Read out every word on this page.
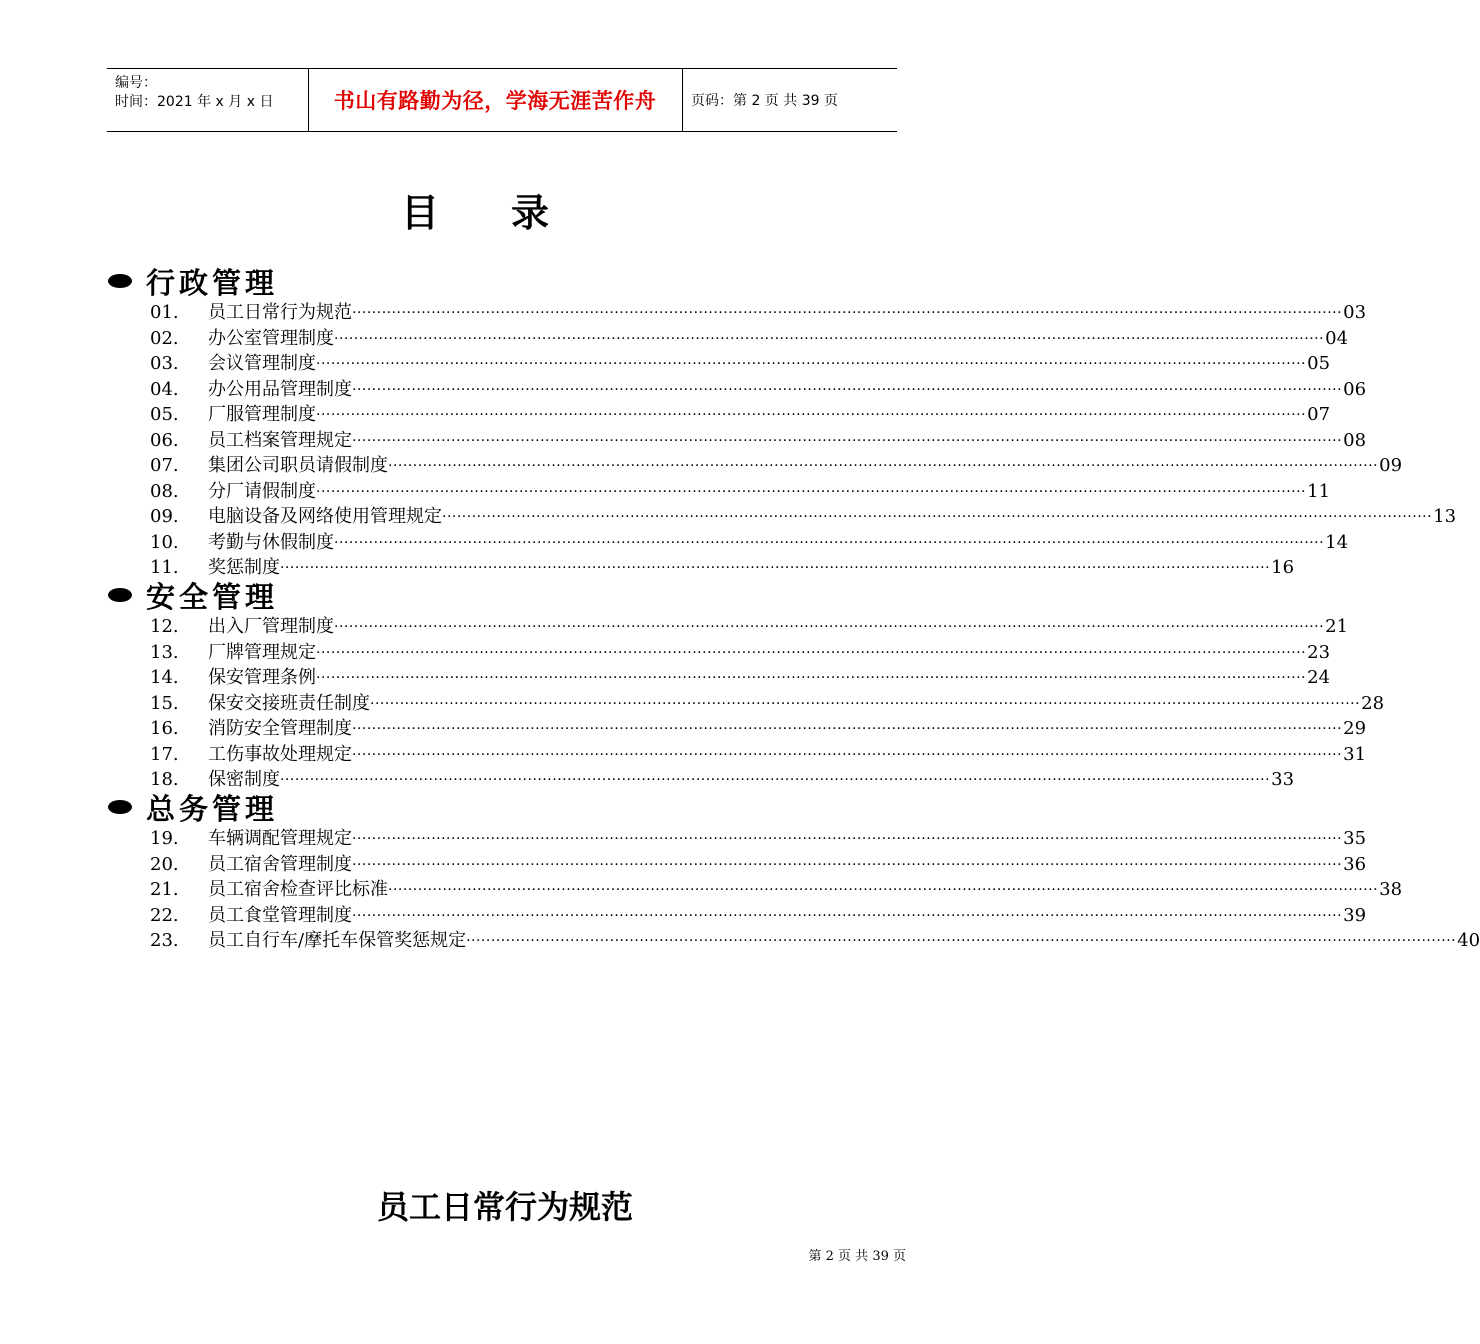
编号：
时间：2021 年 x 月 x 日	书山有路勤为径，学海无涯苦作舟	页码：第 2 页 共 39 页
目 录
行政管理
01.	员工日常行为规范 ········································································································································································································ 03
02.	办公室管理制度 ········································································································································································································ 04
03.	会议管理制度 ········································································································································································································ 05
04.	办公用品管理制度 ········································································································································································································ 06
05.	厂服管理制度 ········································································································································································································ 07
06.	员工档案管理规定 ········································································································································································································ 08
07.	集团公司职员请假制度 ········································································································································································································ 09
08.	分厂请假制度 ········································································································································································································ 11
09.	电脑设备及网络使用管理规定 ········································································································································································································ 13
10.	考勤与休假制度 ········································································································································································································ 14
11.	奖惩制度 ········································································································································································································ 16
安全管理
12.	出入厂管理制度 ········································································································································································································ 21
13.	厂牌管理规定 ········································································································································································································ 23
14.	保安管理条例 ········································································································································································································ 24
15.	保安交接班责任制度 ········································································································································································································ 28
16.	消防安全管理制度 ········································································································································································································ 29
17.	工伤事故处理规定 ········································································································································································································ 31
18.	保密制度 ········································································································································································································ 33
总务管理
19.	车辆调配管理规定 ········································································································································································································ 35
20.	员工宿舍管理制度 ········································································································································································································ 36
21.	员工宿舍检查评比标准 ········································································································································································································ 38
22.	员工食堂管理制度 ········································································································································································································ 39
23.	员工自行车/摩托车保管奖惩规定 ········································································································································································································ 40
员工日常行为规范
第 2 页 共 39 页
